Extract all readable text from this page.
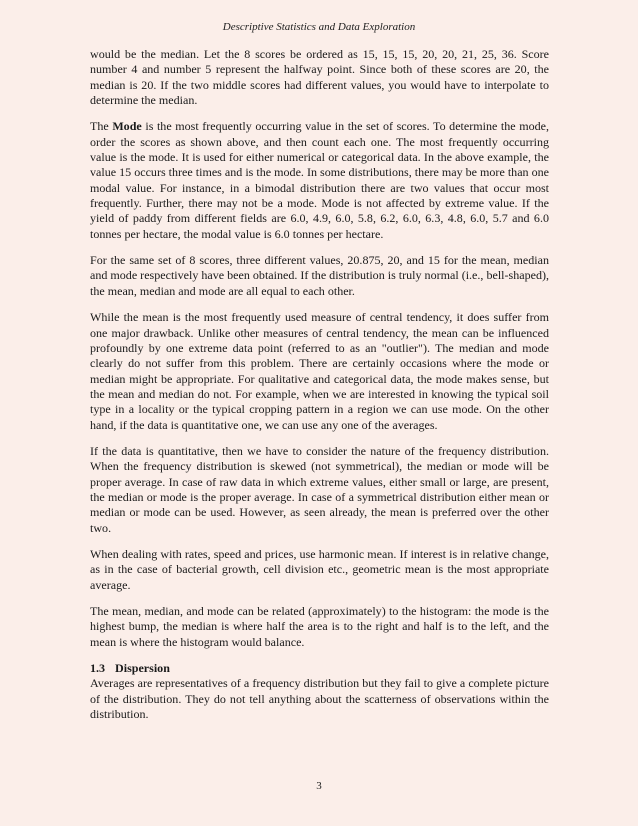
Descriptive Statistics and Data Exploration

would be the median. Let the 8 scores be ordered as 15, 15, 15, 20, 20, 21, 25, 36. Score number 4 and number 5 represent the halfway point. Since both of these scores are 20, the median is 20. If the two middle scores had different values, you would have to interpolate to determine the median.

The Mode is the most frequently occurring value in the set of scores. To determine the mode, order the scores as shown above, and then count each one. The most frequently occurring value is the mode. It is used for either numerical or categorical data. In the above example, the value 15 occurs three times and is the mode. In some distributions, there may be more than one modal value. For instance, in a bimodal distribution there are two values that occur most frequently. Further, there may not be a mode. Mode is not affected by extreme value. If the yield of paddy from different fields are 6.0, 4.9, 6.0, 5.8, 6.2, 6.0, 6.3, 4.8, 6.0, 5.7 and 6.0 tonnes per hectare, the modal value is 6.0 tonnes per hectare.

For the same set of 8 scores, three different values, 20.875, 20, and 15 for the mean, median and mode respectively have been obtained. If the distribution is truly normal (i.e., bell-shaped), the mean, median and mode are all equal to each other.

While the mean is the most frequently used measure of central tendency, it does suffer from one major drawback. Unlike other measures of central tendency, the mean can be influenced profoundly by one extreme data point (referred to as an "outlier"). The median and mode clearly do not suffer from this problem. There are certainly occasions where the mode or median might be appropriate. For qualitative and categorical data, the mode makes sense, but the mean and median do not. For example, when we are interested in knowing the typical soil type in a locality or the typical cropping pattern in a region we can use mode. On the other hand, if the data is quantitative one, we can use any one of the averages.

If the data is quantitative, then we have to consider the nature of the frequency distribution. When the frequency distribution is skewed (not symmetrical), the median or mode will be proper average. In case of raw data in which extreme values, either small or large, are present, the median or mode is the proper average. In case of a symmetrical distribution either mean or median or mode can be used. However, as seen already, the mean is preferred over the other two.

When dealing with rates, speed and prices, use harmonic mean. If interest is in relative change, as in the case of bacterial growth, cell division etc., geometric mean is the most appropriate average.

The mean, median, and mode can be related (approximately) to the histogram: the mode is the highest bump, the median is where half the area is to the right and half is to the left, and the mean is where the histogram would balance.

1.3 Dispersion

Averages are representatives of a frequency distribution but they fail to give a complete picture of the distribution. They do not tell anything about the scatterness of observations within the distribution.

3
